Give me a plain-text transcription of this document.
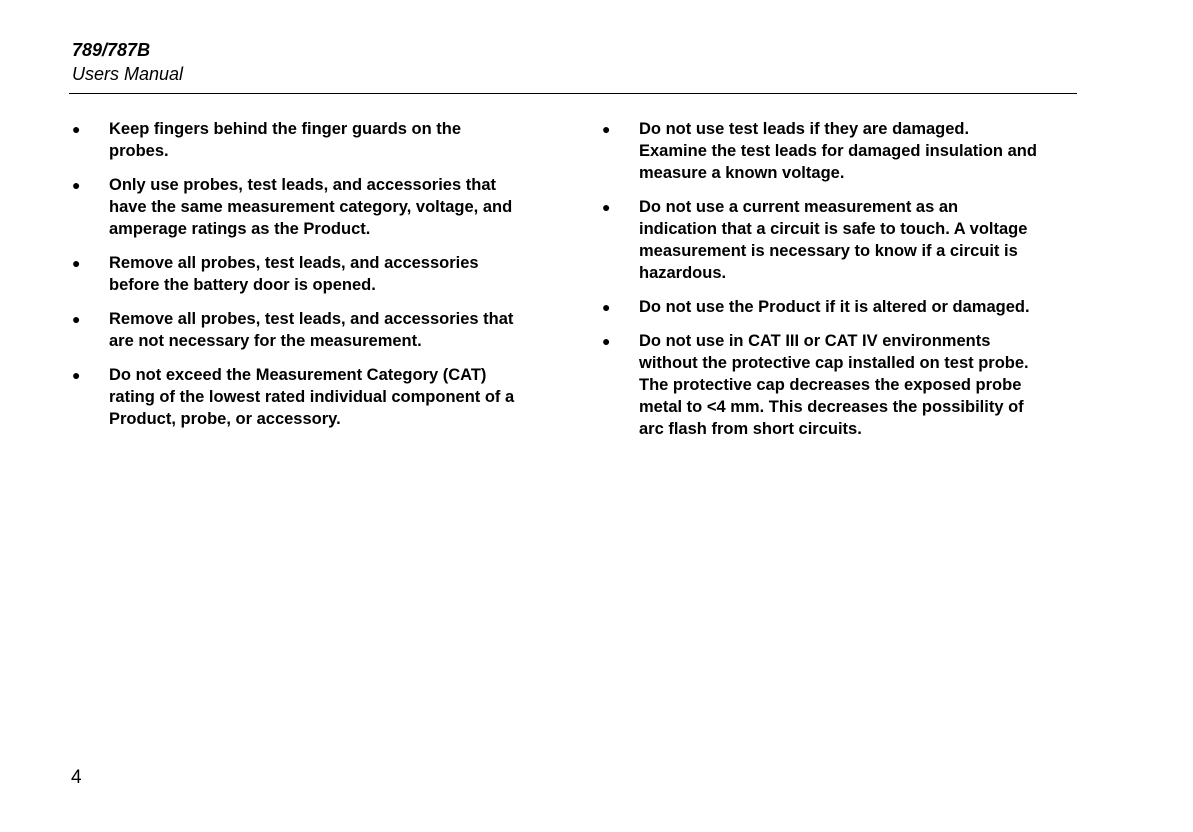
789/787B

Users Manual

● Keep fingers behind the finger guards on the probes.
● Only use probes, test leads, and accessories that have the same measurement category, voltage, and amperage ratings as the Product.
● Remove all probes, test leads, and accessories before the battery door is opened.
● Remove all probes, test leads, and accessories that are not necessary for the measurement.
● Do not exceed the Measurement Category (CAT) rating of the lowest rated individual component of a Product, probe, or accessory.
● Do not use test leads if they are damaged. Examine the test leads for damaged insulation and measure a known voltage.
● Do not use a current measurement as an indication that a circuit is safe to touch. A voltage measurement is necessary to know if a circuit is hazardous.
● Do not use the Product if it is altered or damaged.
● Do not use in CAT III or CAT IV environments without the protective cap installed on test probe. The protective cap decreases the exposed probe metal to <4 mm. This decreases the possibility of arc flash from short circuits.
4
